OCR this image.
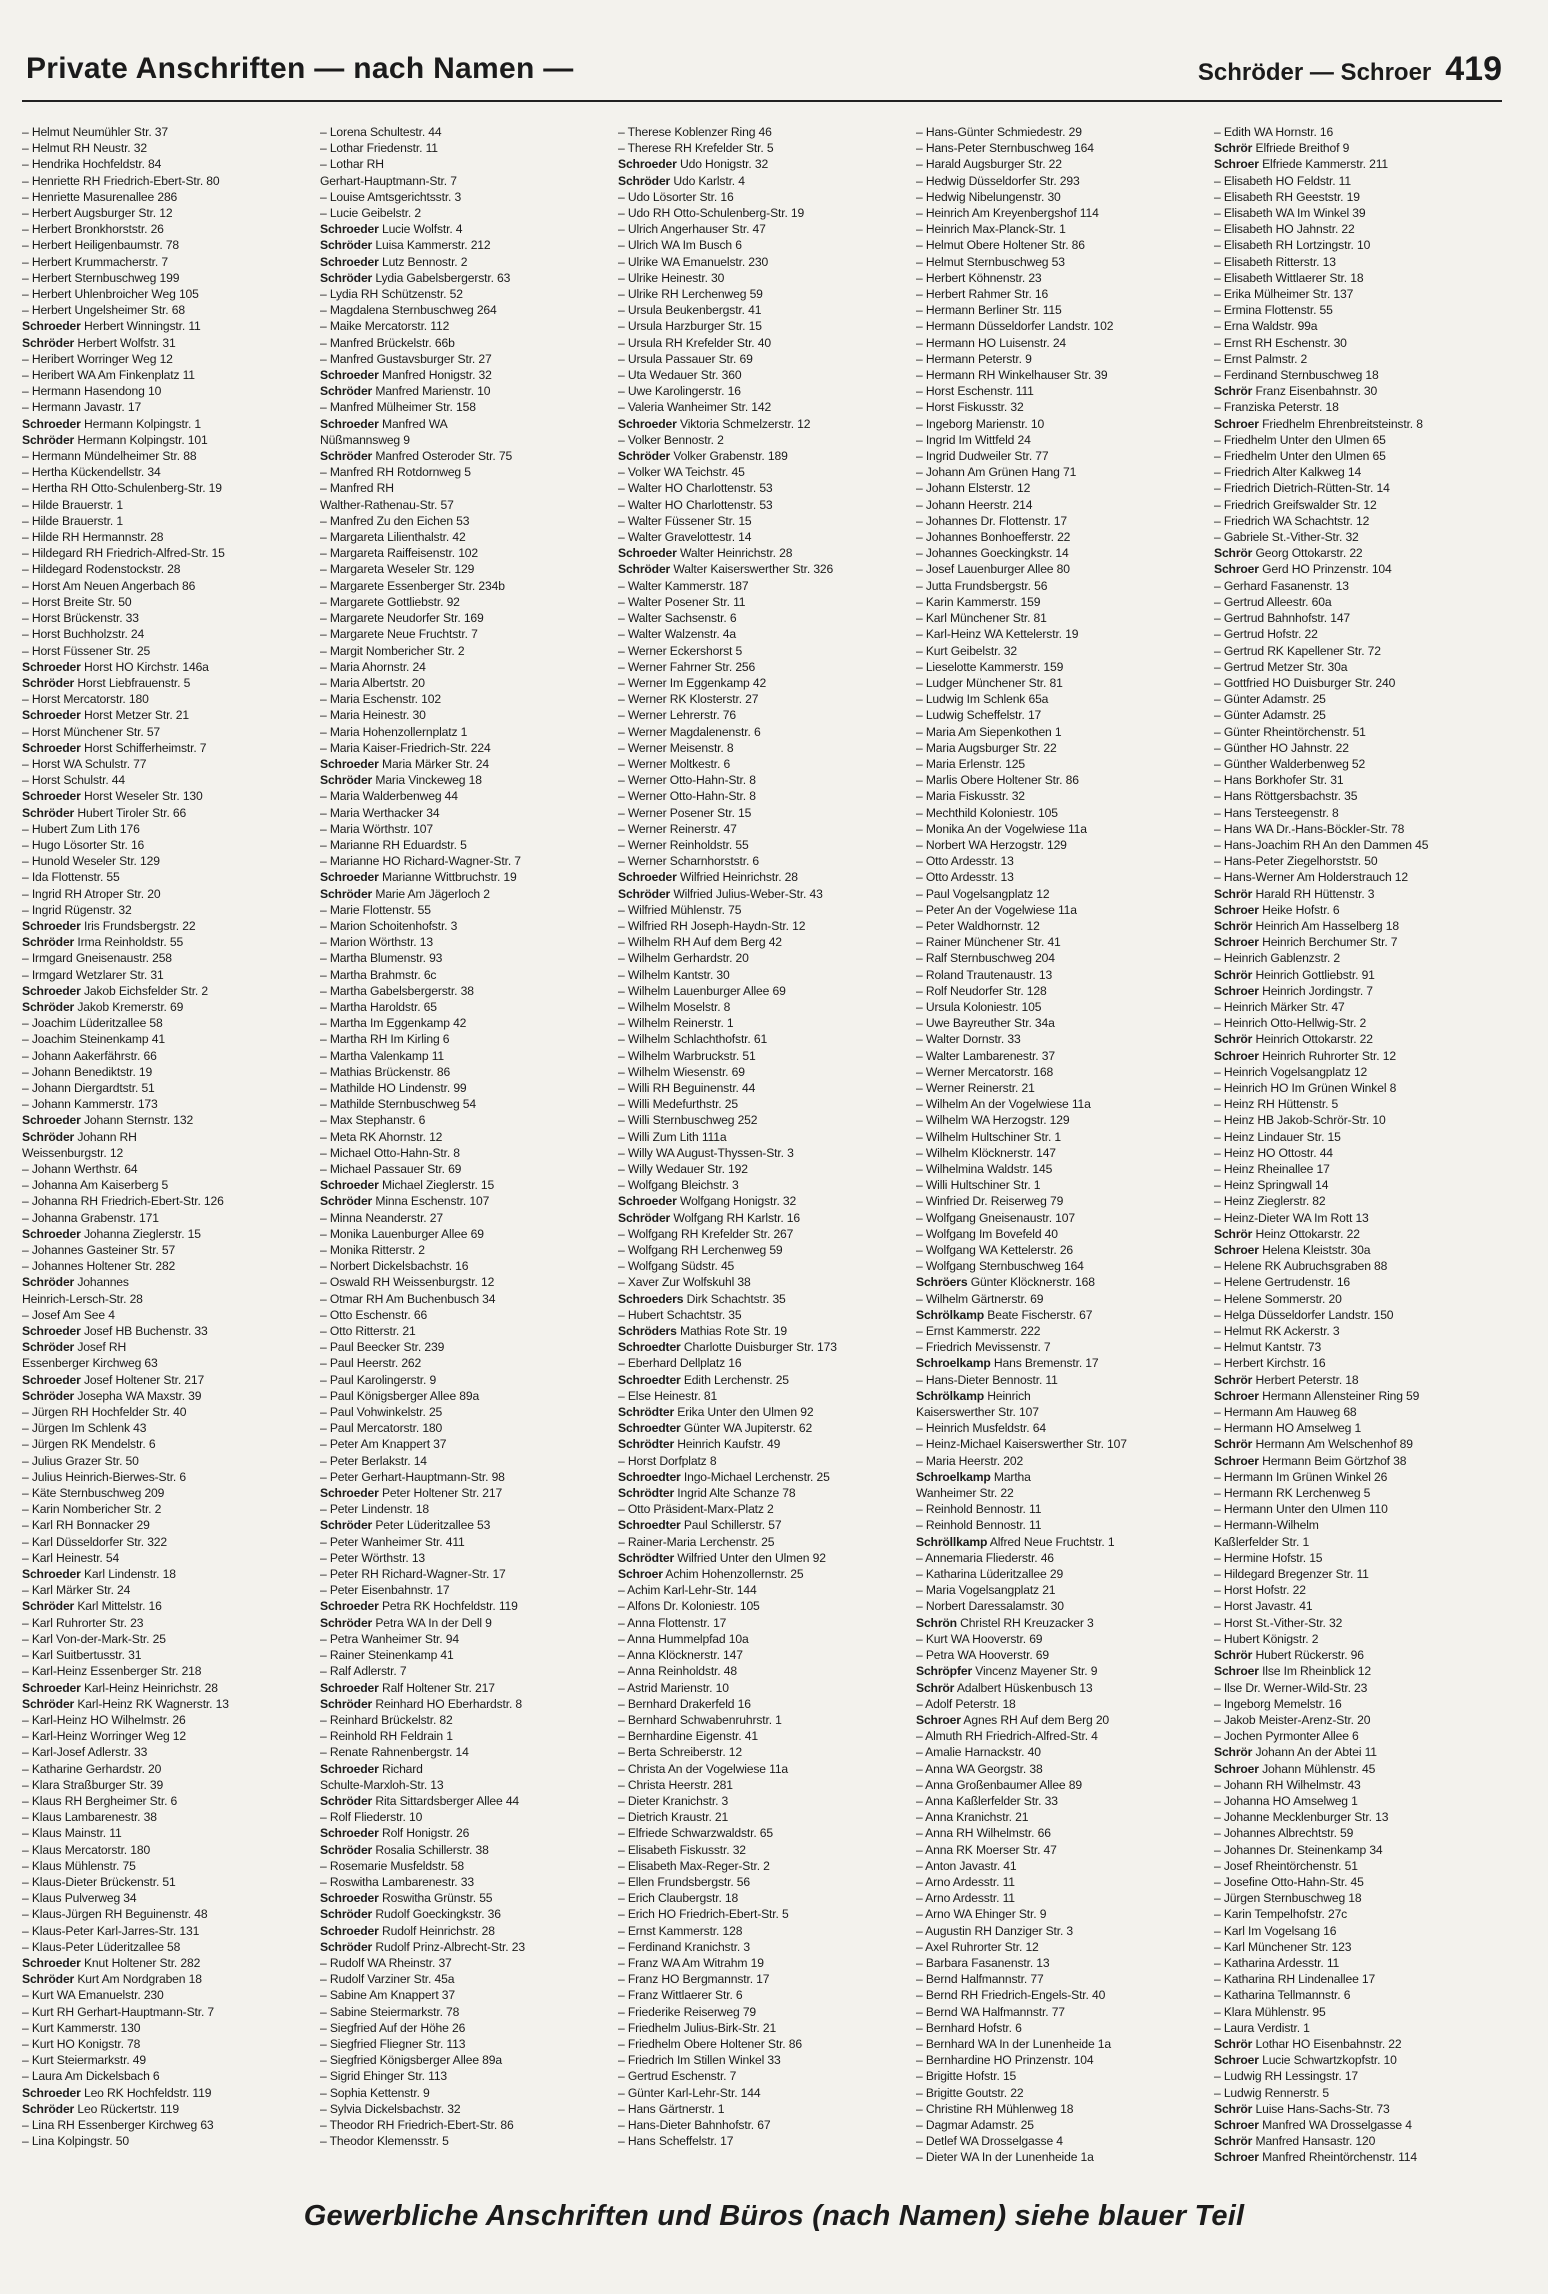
Private Anschriften — nach Namen —	Schröder — Schroer 419
– Helmut Neumühler Str. 37
– Helmut RH Neustr. 32
– Hendrika Hochfeldstr. 84
– Henriette RH Friedrich-Ebert-Str. 80
– Henriette Masurenallee 286
– Herbert Augsburger Str. 12
– Herbert Bronkhorststr. 26
– Herbert Heiligenbaumstr. 78
– Herbert Krummacherstr. 7
– Herbert Sternbuschweg 199
– Herbert Uhlenbroicher Weg 105
– Herbert Ungelsheimer Str. 68
Schroeder Herbert Winningstr. 11
Schröder Herbert Wolfstr. 31
– Heribert Worringer Weg 12
– Heribert WA Am Finkenplatz 11
– Hermann Hasendong 10
– Hermann Javastr. 17
Schroeder Hermann Kolpingstr. 1
Schröder Hermann Kolpingstr. 101
– Hermann Mündelheimer Str. 88
– Hertha Kückendellstr. 34
– Hertha RH Otto-Schulenberg-Str. 19
– Hilde Brauerstr. 1
– Hilde Brauerstr. 1
– Hilde RH Hermannstr. 28
– Hildegard RH Friedrich-Alfred-Str. 15
– Hildegard Rodenstockstr. 28
– Horst Am Neuen Angerbach 86
– Horst Breite Str. 50
– Horst Brückenstr. 33
– Horst Buchholzstr. 24
– Horst Füssener Str. 25
Schroeder Horst HO Kirchstr. 146a
Schröder Horst Liebfrauenstr. 5
– Horst Mercatorstr. 180
Schroeder Horst Metzer Str. 21
– Horst Münchener Str. 57
Schroeder Horst Schifferheimstr. 7
– Horst WA Schulstr. 77
– Horst Schulstr. 44
Schroeder Horst Weseler Str. 130
Schröder Hubert Tiroler Str. 66
– Hubert Zum Lith 176
– Hugo Lösorter Str. 16
– Hunold Weseler Str. 129
– Ida Flottenstr. 55
– Ingrid RH Atroper Str. 20
– Ingrid Rügenstr. 32
Schroeder Iris Frundsbergstr. 22
Schröder Irma Reinholdstr. 55
– Irmgard Gneisenaustr. 258
– Irmgard Wetzlarer Str. 31
Schroeder Jakob Eichsfelder Str. 2
Schröder Jakob Kremerstr. 69
– Joachim Lüderitzallee 58
– Joachim Steinenkamp 41
– Johann Aakerfährstr. 66
– Johann Benediktstr. 19
– Johann Diergardtstr. 51
– Johann Kammerstr. 173
Schroeder Johann Sternstr. 132
Schröder Johann RH
Weissenburgstr. 12
– Johann Werthstr. 64
– Johanna Am Kaiserberg 5
– Johanna RH Friedrich-Ebert-Str. 126
– Johanna Grabenstr. 171
Schroeder Johanna Zieglerstr. 15
– Johannes Gasteiner Str. 57
– Johannes Holtener Str. 282
Schröder Johannes
Heinrich-Lersch-Str. 28
– Josef Am See 4
Schroeder Josef HB Buchenstr. 33
Schröder Josef RH
Essenberger Kirchweg 63
Schroeder Josef Holtener Str. 217
Schröder Josepha WA Maxstr. 39
– Jürgen RH Hochfelder Str. 40
– Jürgen Im Schlenk 43
– Jürgen RK Mendelstr. 6
– Julius Grazer Str. 50
– Julius Heinrich-Bierwes-Str. 6
– Käte Sternbuschweg 209
– Karin Nombericher Str. 2
– Karl RH Bonnacker 29
– Karl Düsseldorfer Str. 322
– Karl Heinestr. 54
Schroeder Karl Lindenstr. 18
– Karl Märker Str. 24
Schröder Karl Mittelstr. 16
– Karl Ruhrorter Str. 23
– Karl Von-der-Mark-Str. 25
– Karl Suitbertusstr. 31
– Karl-Heinz Essenberger Str. 218
Schroeder Karl-Heinz Heinrichstr. 28
Schröder Karl-Heinz RK Wagnerstr. 13
– Karl-Heinz HO Wilhelmstr. 26
– Karl-Heinz Worringer Weg 12
– Karl-Josef Adlerstr. 33
– Katharine Gerhardstr. 20
– Klara Straßburger Str. 39
– Klaus RH Bergheimer Str. 6
– Klaus Lambarenestr. 38
– Klaus Mainstr. 11
– Klaus Mercatorstr. 180
– Klaus Mühlenstr. 75
– Klaus-Dieter Brückenstr. 51
– Klaus Pulverweg 34
– Klaus-Jürgen RH Beguinenstr. 48
– Klaus-Peter Karl-Jarres-Str. 131
– Klaus-Peter Lüderitzallee 58
Schroeder Knut Holtener Str. 282
Schröder Kurt Am Nordgraben 18
– Kurt WA Emanuelstr. 230
– Kurt RH Gerhart-Hauptmann-Str. 7
– Kurt Kammerstr. 130
– Kurt HO Konigstr. 78
– Kurt Steiermarkstr. 49
– Laura Am Dickelsbach 6
Schroeder Leo RK Hochfeldstr. 119
Schröder Leo Rückertstr. 119
– Lina RH Essenberger Kirchweg 63
– Lina Kolpingstr. 50
– Lorena Schultestr. 44
– Lothar Friedenstr. 11
– Lothar RH
Gerhart-Hauptmann-Str. 7
– Louise Amtsgerichtsstr. 3
– Lucie Geibelstr. 2
Schroeder Lucie Wolfstr. 4
Schröder Luisa Kammerstr. 212
Schroeder Lutz Bennostr. 2
Schröder Lydia Gabelsbergerstr. 63
– Lydia RH Schützenstr. 52
– Magdalena Sternbuschweg 264
– Maike Mercatorstr. 112
– Manfred Brückelstr. 66b
– Manfred Gustavsburger Str. 27
Schroeder Manfred Honigstr. 32
Schröder Manfred Marienstr. 10
– Manfred Mülheimer Str. 158
Schroeder Manfred WA
Nüßmannsweg 9
Schröder Manfred Osteroder Str. 75
– Manfred RH Rotdornweg 5
– Manfred RH
Walther-Rathenau-Str. 57
– Manfred Zu den Eichen 53
– Margareta Lilienthalstr. 42
– Margareta Raiffeisenstr. 102
– Margareta Weseler Str. 129
– Margarete Essenberger Str. 234b
– Margarete Gottliebstr. 92
– Margarete Neudorfer Str. 169
– Margarete Neue Fruchtstr. 7
– Margit Nombericher Str. 2
– Maria Ahornstr. 24
– Maria Albertstr. 20
– Maria Eschenstr. 102
– Maria Heinestr. 30
– Maria Hohenzollernplatz 1
– Maria Kaiser-Friedrich-Str. 224
Schroeder Maria Märker Str. 24
Schröder Maria Vinckeweg 18
– Maria Walderbenweg 44
– Maria Werthacker 34
– Maria Wörthstr. 107
– Marianne RH Eduardstr. 5
– Marianne HO Richard-Wagner-Str. 7
Schroeder Marianne Wittbruchstr. 19
Schröder Marie Am Jägerloch 2
– Marie Flottenstr. 55
– Marion Schoitenhofstr. 3
– Marion Wörthstr. 13
– Martha Blumenstr. 93
– Martha Brahmstr. 6c
– Martha Gabelsbergerstr. 38
– Martha Haroldstr. 65
– Martha Im Eggenkamp 42
– Martha RH Im Kirling 6
– Martha Valenkamp 11
– Mathias Brückenstr. 86
– Mathilde HO Lindenstr. 99
– Mathilde Sternbuschweg 54
– Max Stephanstr. 6
– Meta RK Ahornstr. 12
– Michael Otto-Hahn-Str. 8
– Michael Passauer Str. 69
Schroeder Michael Zieglerstr. 15
Schröder Minna Eschenstr. 107
– Minna Neanderstr. 27
– Monika Lauenburger Allee 69
– Monika Ritterstr. 2
– Norbert Dickelsbachstr. 16
– Oswald RH Weissenburgstr. 12
– Otmar RH Am Buchenbusch 34
– Otto Eschenstr. 66
– Otto Ritterstr. 21
– Paul Beecker Str. 239
– Paul Heerstr. 262
– Paul Karolingerstr. 9
– Paul Königsberger Allee 89a
– Paul Vohwinkelstr. 25
– Paul Mercatorstr. 180
– Peter Am Knappert 37
– Peter Berlakstr. 14
– Peter Gerhart-Hauptmann-Str. 98
Schroeder Peter Holtener Str. 217
– Peter Lindenstr. 18
Schröder Peter Lüderitzallee 53
– Peter Wanheimer Str. 411
– Peter Wörthstr. 13
– Peter RH Richard-Wagner-Str. 17
– Peter Eisenbahnstr. 17
Schroeder Petra RK Hochfeldstr. 119
Schröder Petra WA In der Dell 9
– Petra Wanheimer Str. 94
– Rainer Steinenkamp 41
– Ralf Adlerstr. 7
Schroeder Ralf Holtener Str. 217
Schröder Reinhard HO Eberhardstr. 8
– Reinhard Brückelstr. 82
– Reinhold RH Feldrain 1
– Renate Rahnenbergstr. 14
Schroeder Richard
Schulte-Marxloh-Str. 13
Schröder Rita Sittardsberger Allee 44
– Rolf Fliederstr. 10
Schroeder Rolf Honigstr. 26
Schröder Rosalia Schillerstr. 38
– Rosemarie Musfeldstr. 58
– Roswitha Lambarenestr. 33
Schroeder Roswitha Grünstr. 55
Schröder Rudolf Goeckingkstr. 36
Schroeder Rudolf Heinrichstr. 28
Schröder Rudolf Prinz-Albrecht-Str. 23
– Rudolf WA Rheinstr. 37
– Rudolf Varziner Str. 45a
– Sabine Am Knappert 37
– Sabine Steiermarkstr. 78
– Siegfried Auf der Höhe 26
– Siegfried Fliegner Str. 113
– Siegfried Königsberger Allee 89a
– Sigrid Ehinger Str. 113
– Sophia Kettenstr. 9
– Sylvia Dickelsbachstr. 32
– Theodor RH Friedrich-Ebert-Str. 86
– Theodor Klemensstr. 5
– Therese Koblenzer Ring 46
– Therese RH Krefelder Str. 5
Schroeder Udo Honigstr. 32
Schröder Udo Karlstr. 4
– Udo Lösorter Str. 16
– Udo RH Otto-Schulenberg-Str. 19
– Ulrich Angerhauser Str. 47
– Ulrich WA Im Busch 6
– Ulrike WA Emanuelstr. 230
– Ulrike Heinestr. 30
– Ulrike RH Lerchenweg 59
– Ursula Beukenbergstr. 41
– Ursula Harzburger Str. 15
– Ursula RH Krefelder Str. 40
– Ursula Passauer Str. 69
– Uta Wedauer Str. 360
– Uwe Karolingerstr. 16
– Valeria Wanheimer Str. 142
Schroeder Viktoria Schmelzerstr. 12
– Volker Bennostr. 2
Schröder Volker Grabenstr. 189
– Volker WA Teichstr. 45
– Walter HO Charlottenstr. 53
– Walter HO Charlottenstr. 53
– Walter Füssener Str. 15
– Walter Gravelottestr. 14
Schroeder Walter Heinrichstr. 28
Schröder Walter Kaiserswerther Str. 326
– Walter Kammerstr. 187
– Walter Posener Str. 11
– Walter Sachsenstr. 6
– Walter Walzenstr. 4a
– Werner Eckershorst 5
– Werner Fahrner Str. 256
– Werner Im Eggenkamp 42
– Werner RK Klosterstr. 27
– Werner Lehrerstr. 76
– Werner Magdalenenstr. 6
– Werner Meisenstr. 8
– Werner Moltkestr. 6
– Werner Otto-Hahn-Str. 8
– Werner Otto-Hahn-Str. 8
– Werner Posener Str. 15
– Werner Reinerstr. 47
– Werner Reinholdstr. 55
– Werner Scharnhorststr. 6
Schroeder Wilfried Heinrichstr. 28
Schröder Wilfried Julius-Weber-Str. 43
– Wilfried Mühlenstr. 75
– Wilfried RH Joseph-Haydn-Str. 12
– Wilhelm RH Auf dem Berg 42
– Wilhelm Gerhardstr. 20
– Wilhelm Kantstr. 30
– Wilhelm Lauenburger Allee 69
– Wilhelm Moselstr. 8
– Wilhelm Reinerstr. 1
– Wilhelm Schlachthofstr. 61
– Wilhelm Warbruckstr. 51
– Wilhelm Wiesenstr. 69
– Willi RH Beguinenstr. 44
– Willi Medefurthstr. 25
– Willi Sternbuschweg 252
– Willi Zum Lith 111a
– Willy WA August-Thyssen-Str. 3
– Willy Wedauer Str. 192
– Wolfgang Bleichstr. 3
Schroeder Wolfgang Honigstr. 32
Schröder Wolfgang RH Karlstr. 16
– Wolfgang RH Krefelder Str. 267
– Wolfgang RH Lerchenweg 59
– Wolfgang Südstr. 45
– Xaver Zur Wolfskuhl 38
Schroeders Dirk Schachtstr. 35
– Hubert Schachtstr. 35
Schröders Mathias Rote Str. 19
Schroedter Charlotte Duisburger Str. 173
– Eberhard Dellplatz 16
Schroedter Edith Lerchenstr. 25
– Else Heinestr. 81
Schrödter Erika Unter den Ulmen 92
Schroedter Günter WA Jupiterstr. 62
Schrödter Heinrich Kaufstr. 49
– Horst Dorfplatz 8
Schroedter Ingo-Michael Lerchenstr. 25
Schrödter Ingrid Alte Schanze 78
– Otto Präsident-Marx-Platz 2
Schroedter Paul Schillerstr. 57
– Rainer-Maria Lerchenstr. 25
Schrödter Wilfried Unter den Ulmen 92
Schroer Achim Hohenzollernstr. 25
– Achim Karl-Lehr-Str. 144
– Alfons Dr. Koloniestr. 105
– Anna Flottenstr. 17
– Anna Hummelpfad 10a
– Anna Klöcknerstr. 147
– Anna Reinholdstr. 48
– Astrid Marienstr. 10
– Bernhard Drakerfeld 16
– Bernhard Schwabenruhrstr. 1
– Bernhardine Eigenstr. 41
– Berta Schreiberstr. 12
– Christa An der Vogelwiese 11a
– Christa Heerstr. 281
– Dieter Kranichstr. 3
– Dietrich Kraustr. 21
– Elfriede Schwarzwaldstr. 65
– Elisabeth Fiskusstr. 32
– Elisabeth Max-Reger-Str. 2
– Ellen Frundsbergstr. 56
– Erich Claubergstr. 18
– Erich HO Friedrich-Ebert-Str. 5
– Ernst Kammerstr. 128
– Ferdinand Kranichstr. 3
– Franz WA Am Witrahm 19
– Franz HO Bergmannstr. 17
– Franz Wittlaerer Str. 6
– Friederike Reiserweg 79
– Friedhelm Julius-Birk-Str. 21
– Friedhelm Obere Holtener Str. 86
– Friedrich Im Stillen Winkel 33
– Gertrud Eschenstr. 7
– Günter Karl-Lehr-Str. 144
– Hans Gärtnerstr. 1
– Hans-Dieter Bahnhofstr. 67
– Hans Scheffelstr. 17
– Hans-Günter Schmiedestr. 29
– Hans-Peter Sternbuschweg 164
– Harald Augsburger Str. 22
– Hedwig Düsseldorfer Str. 293
– Hedwig Nibelungenstr. 30
– Heinrich Am Kreyenbergshof 114
– Heinrich Max-Planck-Str. 1
– Helmut Obere Holtener Str. 86
– Helmut Sternbuschweg 53
– Herbert Köhnenstr. 23
– Herbert Rahmer Str. 16
– Hermann Berliner Str. 115
– Hermann Düsseldorfer Landstr. 102
– Hermann HO Luisenstr. 24
– Hermann Peterstr. 9
– Hermann RH Winkelhauser Str. 39
– Horst Eschenstr. 111
– Horst Fiskusstr. 32
– Ingeborg Marienstr. 10
– Ingrid Im Wittfeld 24
– Ingrid Dudweiler Str. 77
– Johann Am Grünen Hang 71
– Johann Elsterstr. 12
– Johann Heerstr. 214
– Johannes Dr. Flottenstr. 17
– Johannes Bonhoefferstr. 22
– Johannes Goeckingkstr. 14
– Josef Lauenburger Allee 80
– Jutta Frundsbergstr. 56
– Karin Kammerstr. 159
– Karl Münchener Str. 81
– Karl-Heinz WA Kettelerstr. 19
– Kurt Geibelstr. 32
– Lieselotte Kammerstr. 159
– Ludger Münchener Str. 81
– Ludwig Im Schlenk 65a
– Ludwig Scheffelstr. 17
– Maria Am Siepenkothen 1
– Maria Augsburger Str. 22
– Maria Erlenstr. 125
– Marlis Obere Holtener Str. 86
– Maria Fiskusstr. 32
– Mechthild Koloniestr. 105
– Monika An der Vogelwiese 11a
– Norbert WA Herzogstr. 129
– Otto Ardesstr. 13
– Otto Ardesstr. 13
– Paul Vogelsangplatz 12
– Peter An der Vogelwiese 11a
– Peter Waldhornstr. 12
– Rainer Münchener Str. 41
– Ralf Sternbuschweg 204
– Roland Trautenaustr. 13
– Rolf Neudorfer Str. 128
– Ursula Koloniestr. 105
– Uwe Bayreuther Str. 34a
– Walter Dornstr. 33
– Walter Lambarenestr. 37
– Werner Mercatorstr. 168
– Werner Reinerstr. 21
– Wilhelm An der Vogelwiese 11a
– Wilhelm WA Herzogstr. 129
– Wilhelm Hultschiner Str. 1
– Wilhelm Klöcknerstr. 147
– Wilhelmina Waldstr. 145
– Willi Hultschiner Str. 1
– Winfried Dr. Reiserweg 79
– Wolfgang Gneisenaustr. 107
– Wolfgang Im Bovefeld 40
– Wolfgang WA Kettelerstr. 26
– Wolfgang Sternbuschweg 164
Schröers Günter Klöcknerstr. 168
– Wilhelm Gärtnerstr. 69
Schrölkamp Beate Fischerstr. 67
– Ernst Kammerstr. 222
– Friedrich Mevissenstr. 7
Schroelkamp Hans Bremenstr. 17
– Hans-Dieter Bennostr. 11
Schrölkamp Heinrich
Kaiserswerther Str. 107
– Heinrich Musfeldstr. 64
– Heinz-Michael Kaiserswerther Str. 107
– Maria Heerstr. 202
Schroelkamp Martha
Wanheimer Str. 22
– Reinhold Bennostr. 11
– Reinhold Bennostr. 11
Schröllkamp Alfred Neue Fruchtstr. 1
– Annemaria Fliederstr. 46
– Katharina Lüderitzallee 29
– Maria Vogelsangplatz 21
– Norbert Daressalamstr. 30
Schrön Christel RH Kreuzacker 3
– Kurt WA Hooverstr. 69
– Petra WA Hooverstr. 69
Schröpfer Vincenz Mayener Str. 9
Schrör Adalbert Hüskenbusch 13
– Adolf Peterstr. 18
Schroer Agnes RH Auf dem Berg 20
– Almuth RH Friedrich-Alfred-Str. 4
– Amalie Harnackstr. 40
– Anna WA Georgstr. 38
– Anna Großenbaumer Allee 89
– Anna Kaßlerfelder Str. 33
– Anna Kranichstr. 21
– Anna RH Wilhelmstr. 66
– Anna RK Moerser Str. 47
– Anton Javastr. 41
– Arno Ardesstr. 11
– Arno Ardesstr. 11
– Arno WA Ehinger Str. 9
– Augustin RH Danziger Str. 3
– Axel Ruhrorter Str. 12
– Barbara Fasanenstr. 13
– Bernd Halfmannstr. 77
– Bernd RH Friedrich-Engels-Str. 40
– Bernd WA Halfmannstr. 77
– Bernhard Hofstr. 6
– Bernhard WA In der Lunenheide 1a
– Bernhardine HO Prinzenstr. 104
– Brigitte Hofstr. 15
– Brigitte Goutstr. 22
– Christine RH Mühlenweg 18
– Dagmar Adamstr. 25
– Detlef WA Drosselgasse 4
– Dieter WA In der Lunenheide 1a
– Edith WA Hornstr. 16
Schrör Elfriede Breithof 9
Schroer Elfriede Kammerstr. 211
– Elisabeth HO Feldstr. 11
– Elisabeth RH Geeststr. 19
– Elisabeth WA Im Winkel 39
– Elisabeth HO Jahnstr. 22
– Elisabeth RH Lortzingstr. 10
– Elisabeth Ritterstr. 13
– Elisabeth Wittlaerer Str. 18
– Erika Mülheimer Str. 137
– Ermina Flottenstr. 55
– Erna Waldstr. 99a
– Ernst RH Eschenstr. 30
– Ernst Palmstr. 2
– Ferdinand Sternbuschweg 18
Schrör Franz Eisenbahnstr. 30
– Franziska Peterstr. 18
Schroer Friedhelm Ehrenbreitsteinstr. 8
– Friedhelm Unter den Ulmen 65
– Friedhelm Unter den Ulmen 65
– Friedrich Alter Kalkweg 14
– Friedrich Dietrich-Rütten-Str. 14
– Friedrich Greifswalder Str. 12
– Friedrich WA Schachtstr. 12
– Gabriele St.-Vither-Str. 32
Schrör Georg Ottokarstr. 22
Schroer Gerd HO Prinzenstr. 104
– Gerhard Fasanenstr. 13
– Gertrud Alleestr. 60a
– Gertrud Bahnhofstr. 147
– Gertrud Hofstr. 22
– Gertrud RK Kapellener Str. 72
– Gertrud Metzer Str. 30a
– Gottfried HO Duisburger Str. 240
– Günter Adamstr. 25
– Günter Adamstr. 25
– Günter Rheintörchenstr. 51
– Günther HO Jahnstr. 22
– Günther Walderbenweg 52
– Hans Borkhofer Str. 31
– Hans Röttgersbachstr. 35
– Hans Tersteegenstr. 8
– Hans WA Dr.-Hans-Böckler-Str. 78
– Hans-Joachim RH An den Dammen 45
– Hans-Peter Ziegelhorststr. 50
– Hans-Werner Am Holderstrauch 12
Schrör Harald RH Hüttenstr. 3
Schroer Heike Hofstr. 6
Schrör Heinrich Am Hasselberg 18
Schroer Heinrich Berchumer Str. 7
– Heinrich Gablenzstr. 2
Schrör Heinrich Gottliebstr. 91
Schroer Heinrich Jordingstr. 7
– Heinrich Märker Str. 47
– Heinrich Otto-Hellwig-Str. 2
Schrör Heinrich Ottokarstr. 22
Schroer Heinrich Ruhrorter Str. 12
– Heinrich Vogelsangplatz 12
– Heinrich HO Im Grünen Winkel 8
– Heinz RH Hüttenstr. 5
– Heinz HB Jakob-Schrör-Str. 10
– Heinz Lindauer Str. 15
– Heinz HO Ottostr. 44
– Heinz Rheinallee 17
– Heinz Springwall 14
– Heinz Zieglerstr. 82
– Heinz-Dieter WA Im Rott 13
Schrör Heinz Ottokarstr. 22
Schroer Helena Kleiststr. 30a
– Helene RK Aubruchsgraben 88
– Helene Gertrudenstr. 16
– Helene Sommerstr. 20
– Helga Düsseldorfer Landstr. 150
– Helmut RK Ackerstr. 3
– Helmut Kantstr. 73
– Herbert Kirchstr. 16
Schrör Herbert Peterstr. 18
Schroer Hermann Allensteiner Ring 59
– Hermann Am Hauweg 68
– Hermann HO Amselweg 1
Schrör Hermann Am Welschenhof 89
Schroer Hermann Beim Görtzhof 38
– Hermann Im Grünen Winkel 26
– Hermann RK Lerchenweg 5
– Hermann Unter den Ulmen 110
– Hermann-Wilhelm
Kaßlerfelder Str. 1
– Hermine Hofstr. 15
– Hildegard Bregenzer Str. 11
– Horst Hofstr. 22
– Horst Javastr. 41
– Horst St.-Vither-Str. 32
– Hubert Königstr. 2
Schrör Hubert Rückerstr. 96
Schroer Ilse Im Rheinblick 12
– Ilse Dr. Werner-Wild-Str. 23
– Ingeborg Memelstr. 16
– Jakob Meister-Arenz-Str. 20
– Jochen Pyrmonter Allee 6
Schrör Johann An der Abtei 11
Schroer Johann Mühlenstr. 45
– Johann RH Wilhelmstr. 43
– Johanna HO Amselweg 1
– Johanne Mecklenburger Str. 13
– Johannes Albrechtstr. 59
– Johannes Dr. Steinenkamp 34
– Josef Rheintörchenstr. 51
– Josefine Otto-Hahn-Str. 45
– Jürgen Sternbuschweg 18
– Karin Tempelhofstr. 27c
– Karl Im Vogelsang 16
– Karl Münchener Str. 123
– Katharina Ardesstr. 11
– Katharina RH Lindenallee 17
– Katharina Tellmannstr. 6
– Klara Mühlenstr. 95
– Laura Verdistr. 1
Schrör Lothar HO Eisenbahnstr. 22
Schroer Lucie Schwartzkopfstr. 10
– Ludwig RH Lessingstr. 17
– Ludwig Rennerstr. 5
Schrör Luise Hans-Sachs-Str. 73
Schroer Manfred WA Drosselgasse 4
Schrör Manfred Hansastr. 120
Schroer Manfred Rheintörchenstr. 114
Gewerbliche Anschriften und Büros (nach Namen) siehe blauer Teil
